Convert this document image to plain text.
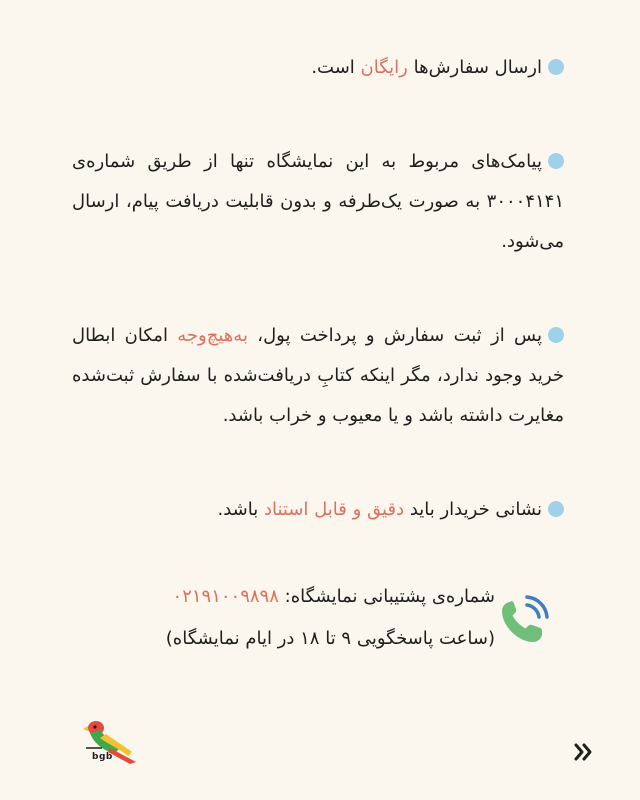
ارسال سفارش‌ها رایگان است.

پیامک‌های مربوط به این نمایشگاه تنها از طریق شماره‌ی ۳۰۰۰۴۱۴۱ به صورت یک‌طرفه و بدون قابلیت دریافت پیام، ارسال می‌شود.

پس از ثبت سفارش و پرداخت پول، به‌هیچ‌وجه امکان ابطال خرید وجود ندارد، مگر اینکه کتابِ دریافت‌شده با سفارش ثبت‌شده مغایرت داشته باشد و یا معیوب و خراب باشد.

نشانی خریدار باید دقیق و قابل استناد باشد.

شماره‌ی پشتیبانی نمایشگاه: ۰۲۱۹۱۰۰۹۸۹۸
(ساعت پاسخگویی ۹ تا ۱۸ در ایام نمایشگاه)
bgb
